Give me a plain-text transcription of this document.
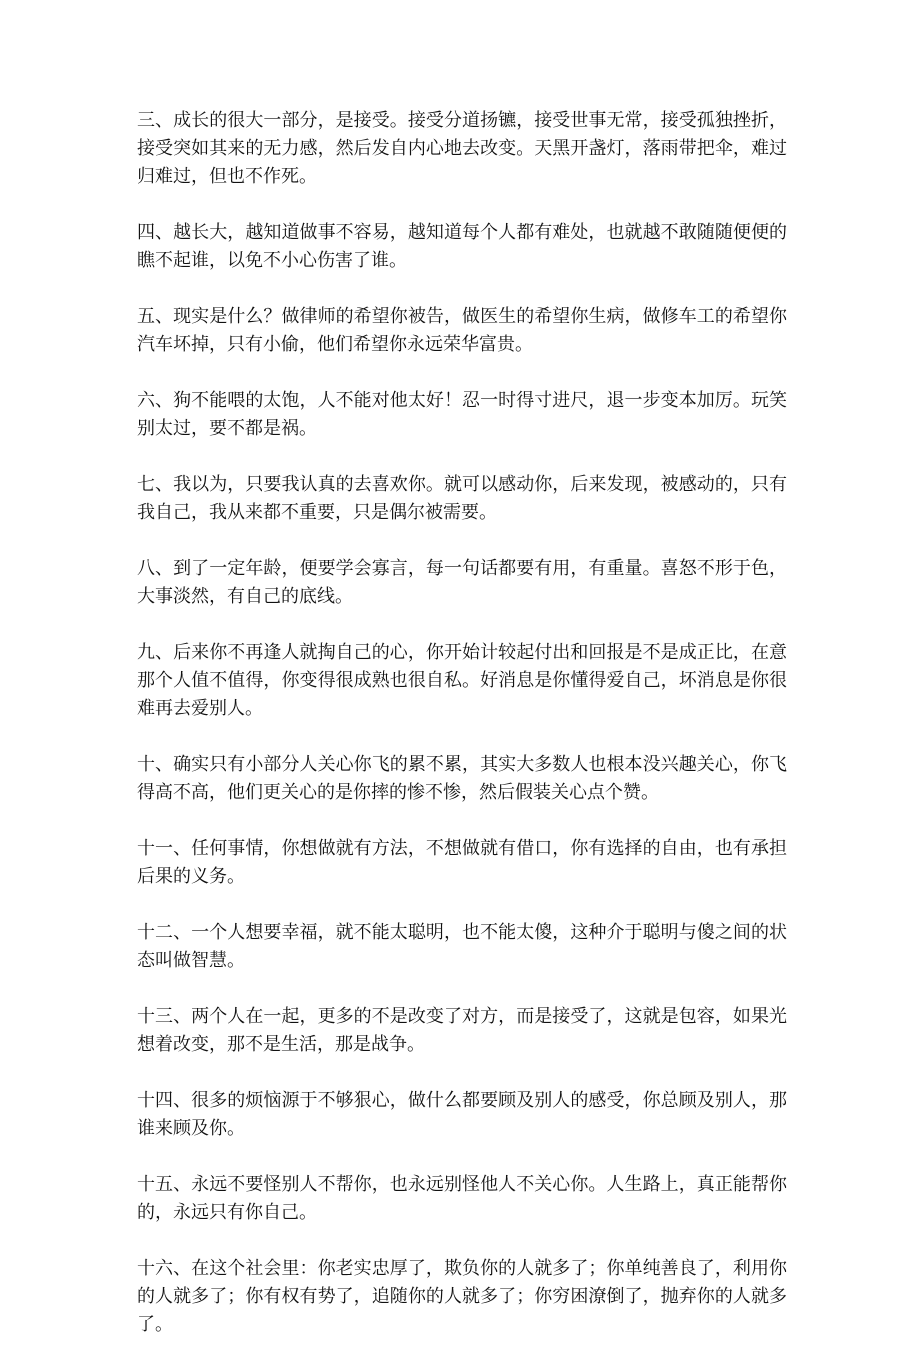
三、成长的很大一部分，是接受。接受分道扬镳，接受世事无常，接受孤独挫折，接受突如其来的无力感，然后发自内心地去改变。天黑开盏灯，落雨带把伞，难过归难过，但也不作死。

四、越长大，越知道做事不容易，越知道每个人都有难处，也就越不敢随随便便的瞧不起谁，以免不小心伤害了谁。

五、现实是什么？做律师的希望你被告，做医生的希望你生病，做修车工的希望你汽车坏掉，只有小偷，他们希望你永远荣华富贵。

六、狗不能喂的太饱，人不能对他太好！忍一时得寸进尺，退一步变本加厉。玩笑别太过，要不都是祸。

七、我以为，只要我认真的去喜欢你。就可以感动你，后来发现，被感动的，只有我自己，我从来都不重要，只是偶尔被需要。

八、到了一定年龄，便要学会寡言，每一句话都要有用，有重量。喜怒不形于色，大事淡然，有自己的底线。

九、后来你不再逢人就掏自己的心，你开始计较起付出和回报是不是成正比，在意那个人值不值得，你变得很成熟也很自私。好消息是你懂得爱自己，坏消息是你很难再去爱别人。

十、确实只有小部分人关心你飞的累不累，其实大多数人也根本没兴趣关心，你飞得高不高，他们更关心的是你摔的惨不惨，然后假装关心点个赞。

十一、任何事情，你想做就有方法，不想做就有借口，你有选择的自由，也有承担后果的义务。

十二、一个人想要幸福，就不能太聪明，也不能太傻，这种介于聪明与傻之间的状态叫做智慧。

十三、两个人在一起，更多的不是改变了对方，而是接受了，这就是包容，如果光想着改变，那不是生活，那是战争。

十四、很多的烦恼源于不够狠心，做什么都要顾及别人的感受，你总顾及别人，那谁来顾及你。

十五、永远不要怪别人不帮你，也永远别怪他人不关心你。人生路上，真正能帮你的，永远只有你自己。

十六、在这个社会里：你老实忠厚了，欺负你的人就多了；你单纯善良了，利用你的人就多了；你有权有势了，追随你的人就多了；你穷困潦倒了，抛弃你的人就多了。
